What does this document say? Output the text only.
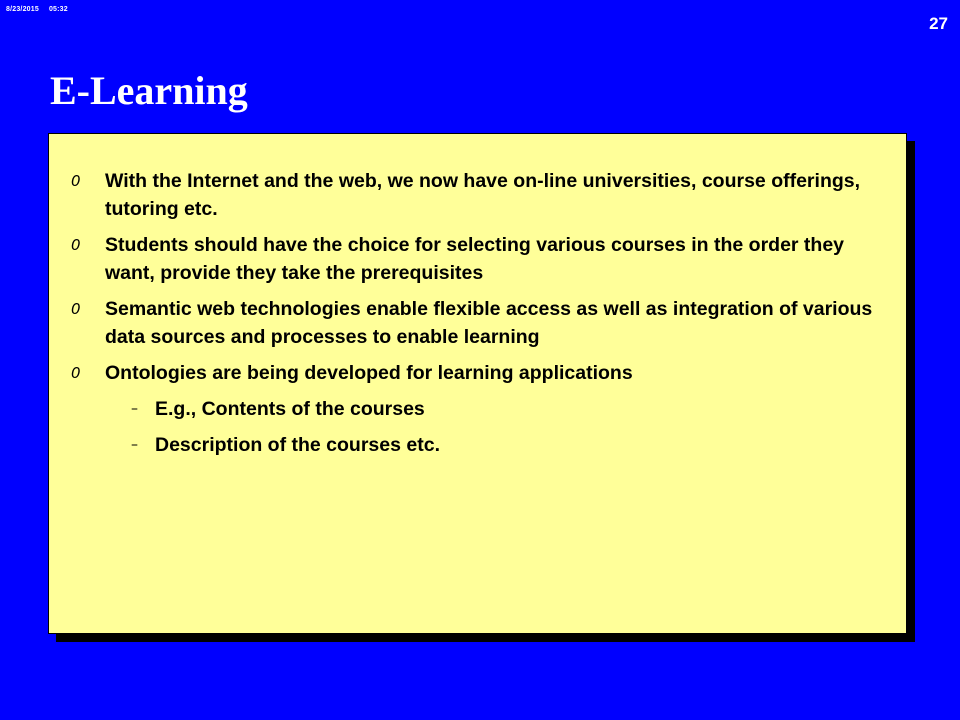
8/23/2015 05:32
27
E-Learning
0 With the Internet and the web, we now have on-line universities, course offerings, tutoring etc.
0 Students should have the choice for selecting various courses in the order they want, provide they take the prerequisites
0 Semantic web technologies enable flexible access as well as integration of various data sources and processes to enable learning
0 Ontologies are being developed for learning applications
– E.g., Contents of the courses
– Description of the courses etc.
